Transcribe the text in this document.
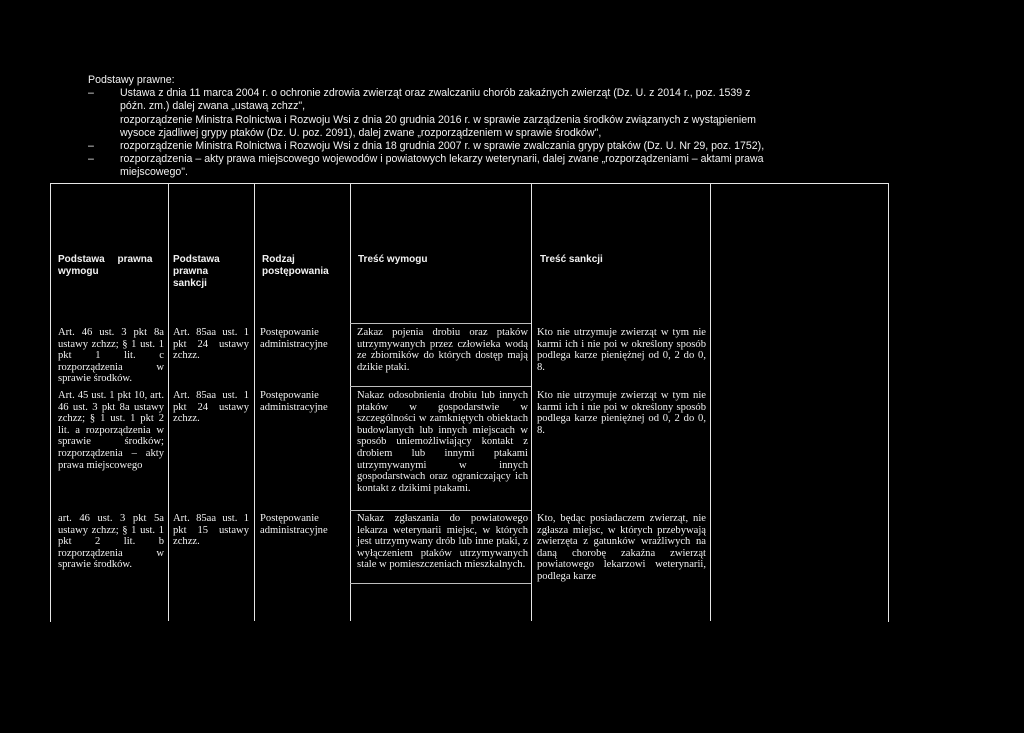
Podstawy prawne:
– Ustawa z dnia 11 marca 2004 r. o ochronie zdrowia zwierząt oraz zwalczaniu chorób zakaźnych zwierząt (Dz. U. z 2014 r., poz. 1539 z
późn. zm.) dalej zwana „ustawą zchzz",
rozporządzenie Ministra Rolnictwa i Rozwoju Wsi z dnia 20 grudnia 2016 r. w sprawie zarządzenia środków związanych z wystąpieniem
wysoce zjadliwej grypy ptaków (Dz. U. poz. 2091), dalej zwane „rozporządzeniem w sprawie środków",
– rozporządzenie Ministra Rolnictwa i Rozwoju Wsi z dnia 18 grudnia 2007 r. w sprawie zwalczania grypy ptaków (Dz. U. Nr 29, poz. 1752),
– rozporządzenia – akty prawa miejscowego wojewodów i powiatowych lekarzy weterynarii, dalej zwane „rozporządzeniami – aktami prawa
miejscowego".
Podstawa prawna wymogu
Podstawa prawna sankcji
Rodzaj postępowania
Treść wymogu	Treść sankcji
Art. 46 ust. 3 pkt 8a ustawy zchzz; § 1 ust. 1 pkt 1 lit. c rozporządzenia w sprawie środków.
Art. 85aa ust. 1 pkt 24 ustawy zchzz.
Postępowanie administracyjne
Zakaz pojenia drobiu oraz ptaków utrzymywanych przez człowieka wodą ze zbiorników do których dostęp mają dzikie ptaki.
Kto nie utrzymuje zwierząt w tym nie karmi ich i nie poi w określony sposób podlega karze pieniężnej od 0, 2 do 0, 8.
Art. 45 ust. 1 pkt 10, art. 46 ust. 3 pkt 8a ustawy zchzz; § 1 ust. 1 pkt 2 lit. a rozporządzenia w sprawie środków; rozporządzenia – akty prawa miejscowego
Art. 85aa ust. 1 pkt 24 ustawy zchzz.
Postępowanie administracyjne
Nakaz odosobnienia drobiu lub innych ptaków w gospodarstwie w szczególności w zamkniętych obiektach budowlanych lub innych miejscach w sposób uniemożliwiający kontakt z drobiem lub innymi ptakami utrzymywanymi w innych gospodarstwach oraz ograniczający ich kontakt z dzikimi ptakami.
Kto nie utrzymuje zwierząt w tym nie karmi ich i nie poi w określony sposób podlega karze pieniężnej od 0, 2 do 0, 8.
art. 46 ust. 3 pkt 5a ustawy zchzz; § 1 ust. 1 pkt 2 lit. b rozporządzenia w sprawie środków.
Art. 85aa ust. 1 pkt 15 ustawy zchzz.
Postępowanie administracyjne
Nakaz zgłaszania do powiatowego lekarza weterynarii miejsc, w których jest utrzymywany drób lub inne ptaki, z wyłączeniem ptaków utrzymywanych stale w pomieszczeniach mieszkalnych.
Kto, będąc posiadaczem zwierząt, nie zgłasza miejsc, w których przebywają zwierzęta z gatunków wrażliwych na daną chorobę zakaźna zwierząt powiatowego lekarzowi weterynarii, podlega karze
